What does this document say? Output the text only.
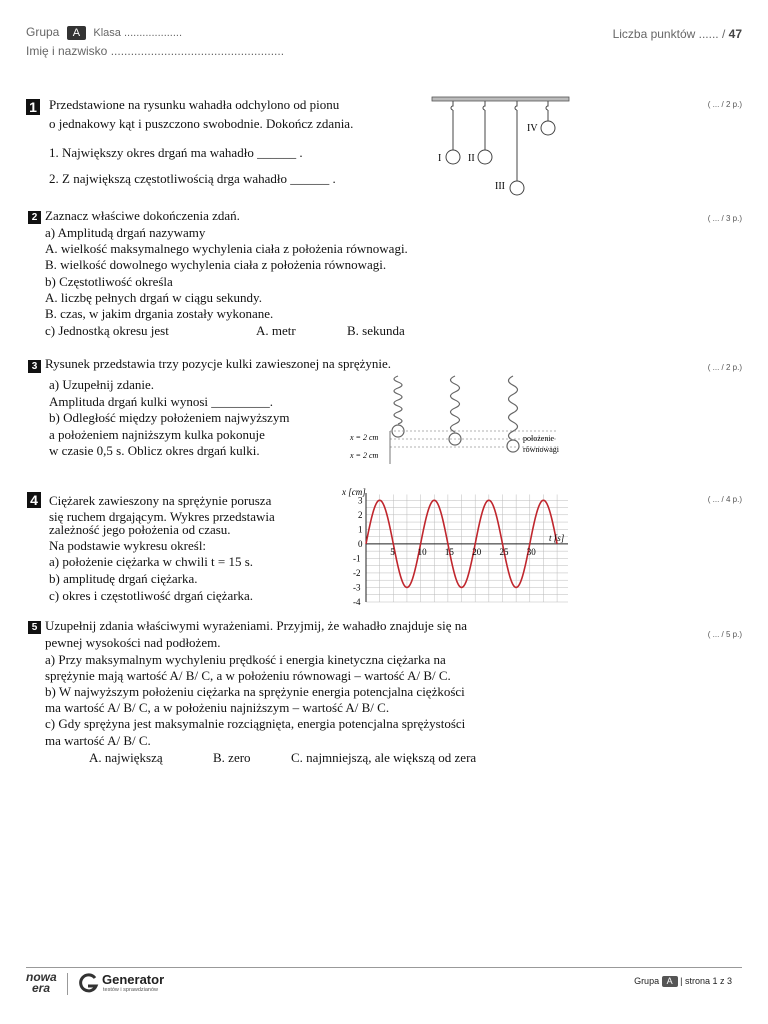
Grupa A Klasa ...................
Imię i nazwisko ....................................................
Liczba punktów ...... / 47
1	( ... / 2 p.)
Przedstawione na rysunku wahadła odchylono od pionu
o jednakowy kąt i puszczono swobodnie. Dokończ zdania.
1. Największy okres drgań ma wahadło ______ .
2. Z największą częstotliwością drga wahadło ______ .
I	II
III
IV
2	( ... / 3 p.)
Zaznacz właściwe dokończenia zdań.
a) Amplitudą drgań nazywamy
A. wielkość maksymalnego wychylenia ciała z położenia równowagi.
B. wielkość dowolnego wychylenia ciała z położenia równowagi.
b) Częstotliwość określa
A. liczbę pełnych drgań w ciągu sekundy.
B. czas, w jakim drgania zostały wykonane.
c) Jednostką okresu jest	A. metr	B. sekunda
3	( ... / 2 p.)
Rysunek przedstawia trzy pozycje kulki zawieszonej na sprężynie.
a) Uzupełnij zdanie.
Amplituda drgań kulki wynosi _________.
b) Odległość między położeniem najwyższym
a położeniem najniższym kulka pokonuje
w czasie 0,5 s. Oblicz okres drgań kulki.
x = 2 cm
x = 2 cm
położenie
równowagi
4	( ... / 4 p.)
Ciężarek zawieszony na sprężynie porusza
się ruchem drgającym. Wykres przedstawia
zależność jego położenia od czasu.
Na podstawie wykresu określ:
a) położenie ciężarka w chwili t = 15 s.
b) amplitudę drgań ciężarka.
c) okres i częstotliwość drgań ciężarka.
x [cm]
t [s]
5	10 15 20 25 30
3
2
1
0
-1
-2
-3
-4
5
( ... / 5 p.)
Uzupełnij zdania właściwymi wyrażeniami. Przyjmij, że wahadło znajduje się na
pewnej wysokości nad podłożem.
a) Przy maksymalnym wychyleniu prędkość i energia kinetyczna ciężarka na
sprężynie mają wartość A/ B/ C, a w położeniu równowagi – wartość A/ B/ C.
b) W najwyższym położeniu ciężarka na sprężynie energia potencjalna ciężkości
ma wartość A/ B/ C, a w położeniu najniższym – wartość A/ B/ C.
c) Gdy sprężyna jest maksymalnie rozciągnięta, energia potencjalna sprężystości
ma wartość A/ B/ C.
A. największą	B. zero	C. najmniejszą, ale większą od zera
nowa
era
Generator
testów i sprawdzianów
Grupa A | strona 1 z 3
